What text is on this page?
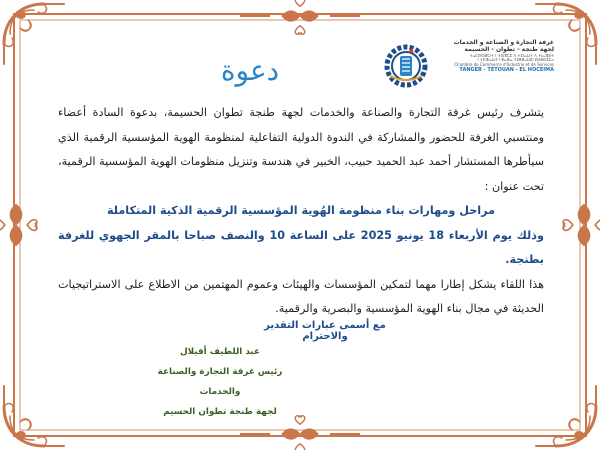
دعوة
غرفة التجارة و الصناعة و الخدمات
لجهة طنجة - تطوان - الحسيمة
ⵜⴰⵎⵙⵙⵓⵔⵜ ⵏ ⵜⵙⴳⵎⵉ ⴷ ⵜⵉⵏⴰⵡⵜ ⴷ ⵜⵏⴰⴼⵓⵜ
ⵏ ⵜⵎⵏⴹⴰⵡⵜ ⵏ ⵟⴰⵏⵊⴰ ⵜⵉⵟⵟⴰⵡⵉⵏ ⵍⵃⵓⵙⵉⵎⴰ
Chambre de Commerce d'Industrie et de Services
TANGER - TETOUAN - EL HOCEIMA

يتشرف رئيس غرفة التجارة والصناعة والخدمات لجهة طنجة تطوان الحسيمة، بدعوة السادة أعضاء ومنتسبي الغرفة للحضور والمشاركة في الندوة الدولية التفاعلية لمنظومة الهوية المؤسسية الرقمية الذي سيأطرها المستشار أحمد عبد الحميد حبيب، الخبير في هندسة وتنزيل منظومات الهوية المؤسسية الرقمية، تحت عنوان :

مراحل ومهارات بناء منظومة الهُوية المؤسسية الرقمية الذكية المتكاملة

وذلك يوم الأربعاء 18 يونيو 2025 على الساعة 10 والنصف صباحا بالمقر الجهوي للغرفة بطنجة.

هذا اللقاء يشكل إطارا مهما لتمكين المؤسسات والهيئات وعموم المهتمين من الاطلاع على الاستراتيجيات الحديثة في مجال بناء الهوية المؤسسية والبصرية والرقمية.

مع أسمى عبارات التقدير والاحترام
عبد اللطيف أفيلال
رئيس غرفة التجارة والصناعة والخدمات
لجهة طنجة تطوان الحسيم
